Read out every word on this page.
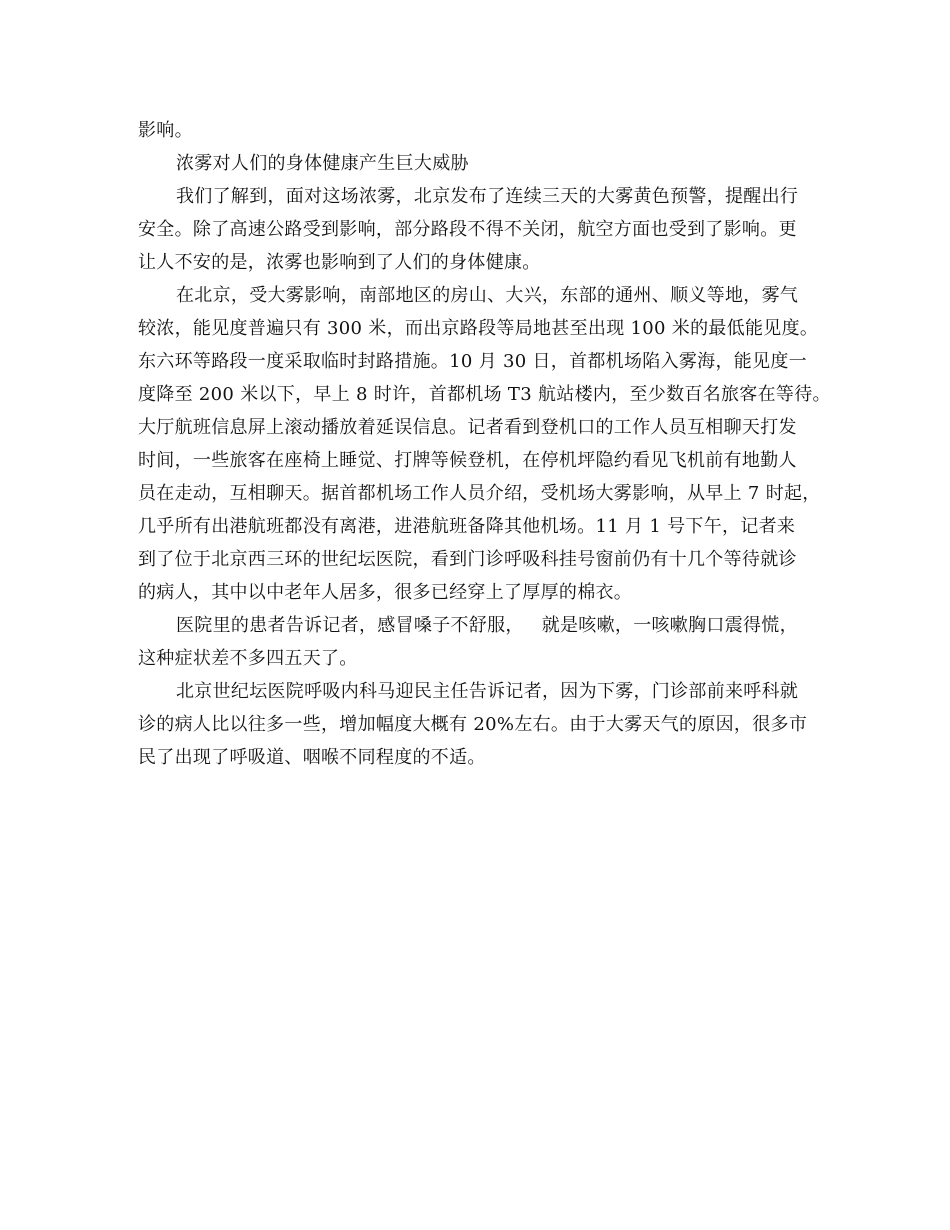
影响。
浓雾对人们的身体健康产生巨大威胁
我们了解到，面对这场浓雾，北京发布了连续三天的大雾黄色预警，提醒出行
安全。除了高速公路受到影响，部分路段不得不关闭，航空方面也受到了影响。更
让人不安的是，浓雾也影响到了人们的身体健康。
在北京，受大雾影响，南部地区的房山、大兴，东部的通州、顺义等地，雾气
较浓，能见度普遍只有 300 米，而出京路段等局地甚至出现 100 米的最低能见度。
东六环等路段一度采取临时封路措施。10 月 30 日，首都机场陷入雾海，能见度一
度降至 200 米以下，早上 8 时许，首都机场 T3 航站楼内，至少数百名旅客在等待。
大厅航班信息屏上滚动播放着延误信息。记者看到登机口的工作人员互相聊天打发
时间，一些旅客在座椅上睡觉、打牌等候登机，在停机坪隐约看见飞机前有地勤人
员在走动，互相聊天。据首都机场工作人员介绍，受机场大雾影响，从早上 7 时起，
几乎所有出港航班都没有离港，进港航班备降其他机场。11 月 1 号下午，记者来
到了位于北京西三环的世纪坛医院，看到门诊呼吸科挂号窗前仍有十几个等待就诊
的病人，其中以中老年人居多，很多已经穿上了厚厚的棉衣。
医院里的患者告诉记者，感冒嗓子不舒服， 就是咳嗽，一咳嗽胸口震得慌，
这种症状差不多四五天了。
北京世纪坛医院呼吸内科马迎民主任告诉记者，因为下雾，门诊部前来呼科就
诊的病人比以往多一些，增加幅度大概有 20%左右。由于大雾天气的原因，很多市
民了出现了呼吸道、咽喉不同程度的不适。
